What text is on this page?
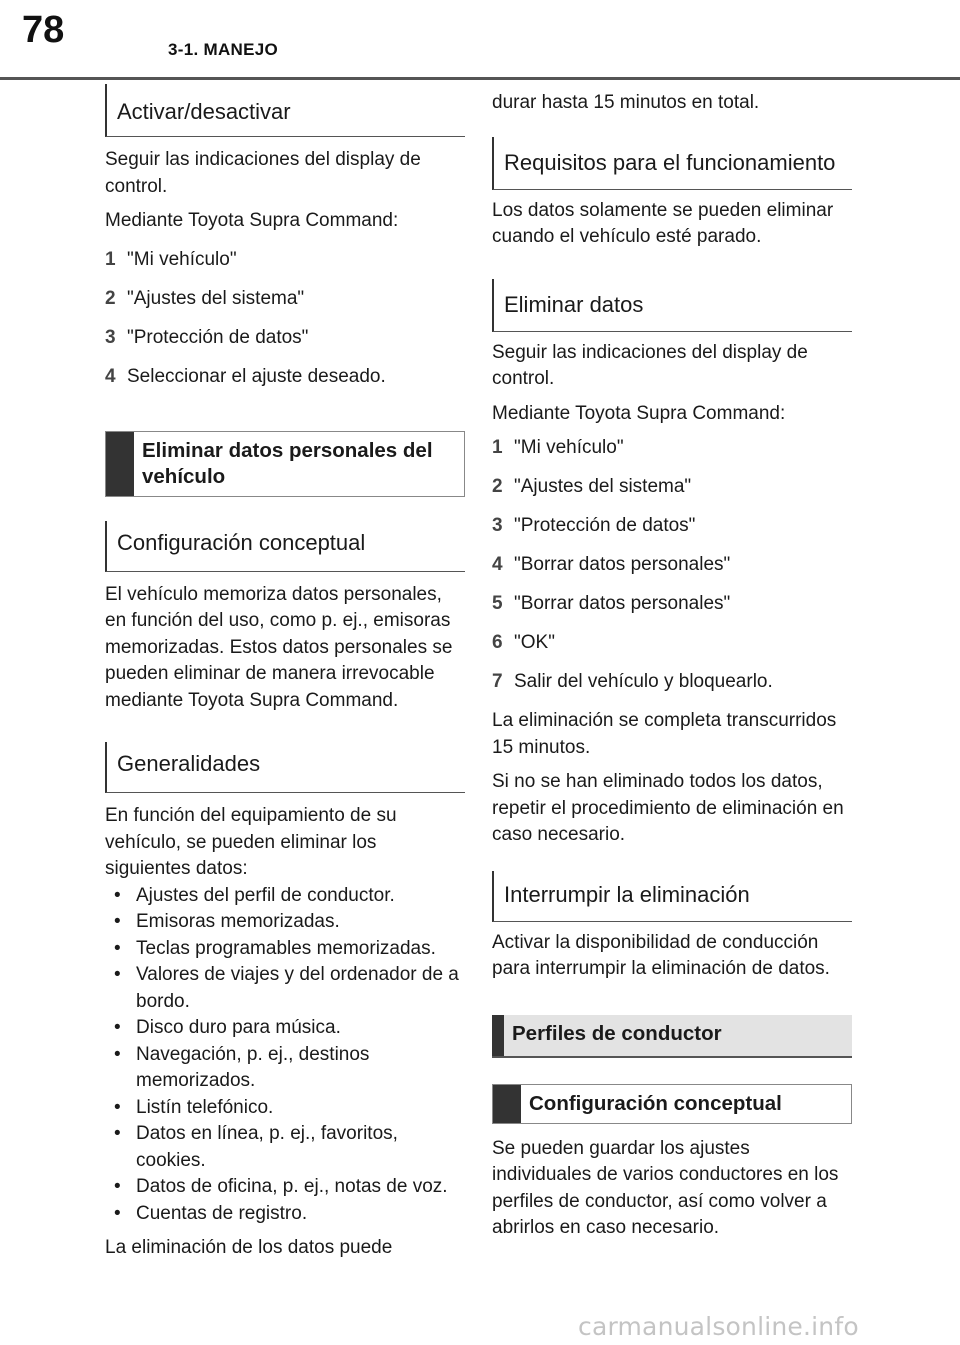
78	3-1. MANEJO
Activar/desactivar

Seguir las indicaciones del display de control.

Mediante Toyota Supra Command:

1 "Mi vehículo"
2 "Ajustes del sistema"
3 "Protección de datos"
4 Seleccionar el ajuste deseado.
Eliminar datos personales del vehículo
Configuración conceptual

El vehículo memoriza datos personales, en función del uso, como p. ej., emisoras memorizadas. Estos datos personales se pueden eliminar de manera irrevocable mediante Toyota Supra Command.

Generalidades

En función del equipamiento de su vehículo, se pueden eliminar los siguientes datos:

• Ajustes del perfil de conductor.
• Emisoras memorizadas.
• Teclas programables memorizadas.
• Valores de viajes y del ordenador de a bordo.
• Disco duro para música.
• Navegación, p. ej., destinos memorizados.
• Listín telefónico.
• Datos en línea, p. ej., favoritos, cookies.
• Datos de oficina, p. ej., notas de voz.
• Cuentas de registro.

La eliminación de los datos puede

durar hasta 15 minutos en total.

Requisitos para el funcionamiento

Los datos solamente se pueden eliminar cuando el vehículo esté parado.

Eliminar datos

Seguir las indicaciones del display de control.

Mediante Toyota Supra Command:

1 "Mi vehículo"
2 "Ajustes del sistema"
3 "Protección de datos"
4 "Borrar datos personales"
5 "Borrar datos personales"
6 "OK"
7 Salir del vehículo y bloquearlo.

La eliminación se completa transcurridos 15 minutos.

Si no se han eliminado todos los datos, repetir el procedimiento de eliminación en caso necesario.

Interrumpir la eliminación

Activar la disponibilidad de conducción para interrumpir la eliminación de datos.

Perfiles de conductor
Configuración conceptual

Se pueden guardar los ajustes individuales de varios conductores en los perfiles de conductor, así como volver a abrirlos en caso necesario.

carmanualsonline.info
